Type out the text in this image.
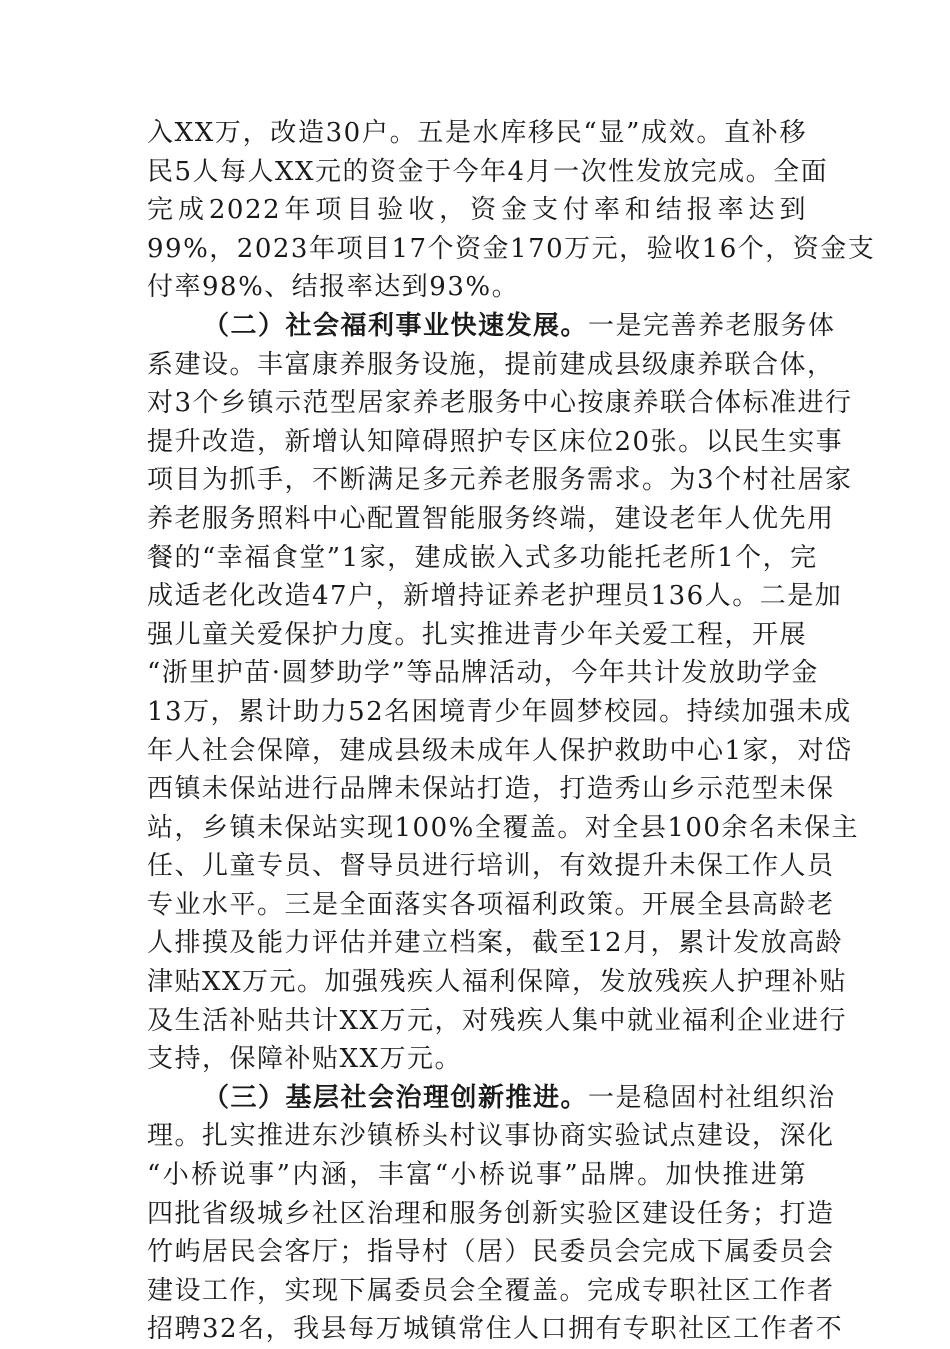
入XX万，改造30户。五是水库移民“显”成效。直补移
民5人每人XX元的资金于今年4月一次性发放完成。全面
完成2022年项目验收，资金支付率和结报率达到
99%，2023年项目17个资金170万元，验收16个，资金支
付率98%、结报率达到93%。
（二）社会福利事业快速发展。一是完善养老服务体
系建设。丰富康养服务设施，提前建成县级康养联合体，
对3个乡镇示范型居家养老服务中心按康养联合体标准进行
提升改造，新增认知障碍照护专区床位20张。以民生实事
项目为抓手，不断满足多元养老服务需求。为3个村社居家
养老服务照料中心配置智能服务终端，建设老年人优先用
餐的“幸福食堂”1家，建成嵌入式多功能托老所1个，完
成适老化改造47户，新增持证养老护理员136人。二是加
强儿童关爱保护力度。扎实推进青少年关爱工程，开展
“浙里护苗·圆梦助学”等品牌活动，今年共计发放助学金
13万，累计助力52名困境青少年圆梦校园。持续加强未成
年人社会保障，建成县级未成年人保护救助中心1家，对岱
西镇未保站进行品牌未保站打造，打造秀山乡示范型未保
站，乡镇未保站实现100%全覆盖。对全县100余名未保主
任、儿童专员、督导员进行培训，有效提升未保工作人员
专业水平。三是全面落实各项福利政策。开展全县高龄老
人排摸及能力评估并建立档案，截至12月，累计发放高龄
津贴XX万元。加强残疾人福利保障，发放残疾人护理补贴
及生活补贴共计XX万元，对残疾人集中就业福利企业进行
支持，保障补贴XX万元。
（三）基层社会治理创新推进。一是稳固村社组织治
理。扎实推进东沙镇桥头村议事协商实验试点建设，深化
“小桥说事”内涵，丰富“小桥说事”品牌。加快推进第
四批省级城乡社区治理和服务创新实验区建设任务；打造
竹屿居民会客厅；指导村（居）民委员会完成下属委员会
建设工作，实现下属委员会全覆盖。完成专职社区工作者
招聘32名，我县每万城镇常住人口拥有专职社区工作者不
